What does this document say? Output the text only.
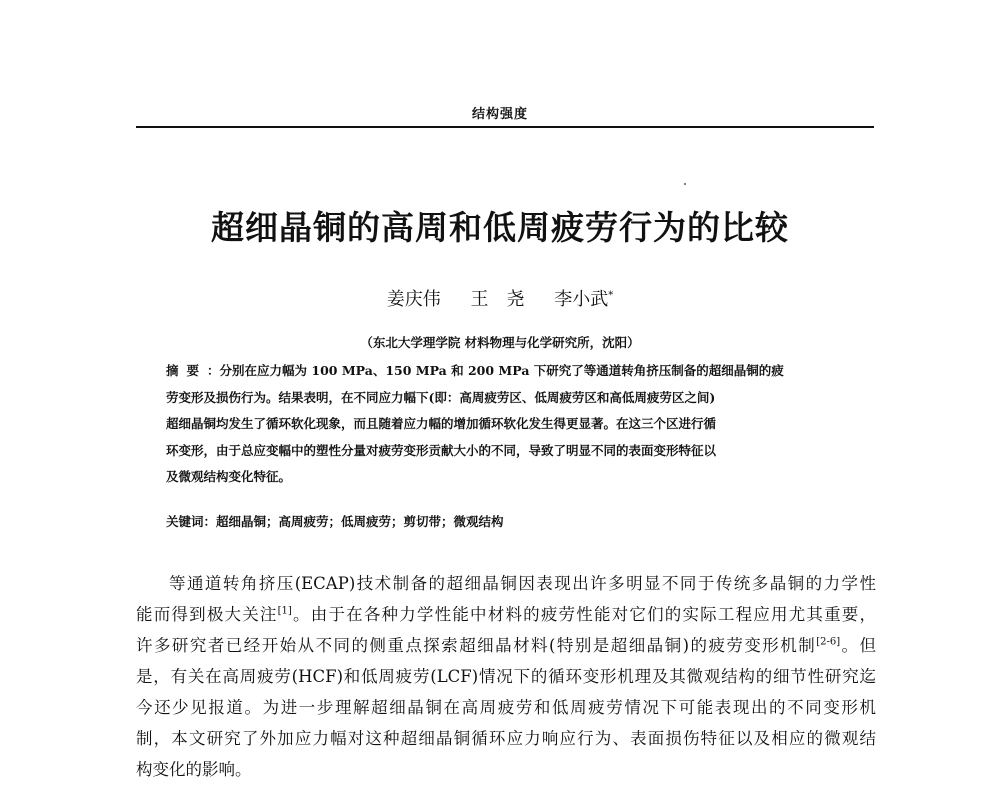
结构强度
超细晶铜的高周和低周疲劳行为的比较
姜庆伟 王　尧 李小武*
（东北大学理学院 材料物理与化学研究所，沈阳）
摘要：分别在应力幅为 100 MPa、150 MPa 和 200 MPa 下研究了等通道转角挤压制备的超细晶铜的疲
劳变形及损伤行为。结果表明，在不同应力幅下(即：高周疲劳区、低周疲劳区和高低周疲劳区之间)
超细晶铜均发生了循环软化现象，而且随着应力幅的增加循环软化发生得更显著。在这三个区进行循
环变形，由于总应变幅中的塑性分量对疲劳变形贡献大小的不同，导致了明显不同的表面变形特征以
及微观结构变化特征。
关键词：超细晶铜；高周疲劳；低周疲劳；剪切带；微观结构
等通道转角挤压(ECAP)技术制备的超细晶铜因表现出许多明显不同于传统多晶铜的力学性
能而得到极大关注[1]。由于在各种力学性能中材料的疲劳性能对它们的实际工程应用尤其重要，
许多研究者已经开始从不同的侧重点探索超细晶材料(特别是超细晶铜)的疲劳变形机制[2-6]。但
是，有关在高周疲劳(HCF)和低周疲劳(LCF)情况下的循环变形机理及其微观结构的细节性研究迄
今还少见报道。为进一步理解超细晶铜在高周疲劳和低周疲劳情况下可能表现出的不同变形机
制，本文研究了外加应力幅对这种超细晶铜循环应力响应行为、表面损伤特征以及相应的微观结
构变化的影响。
